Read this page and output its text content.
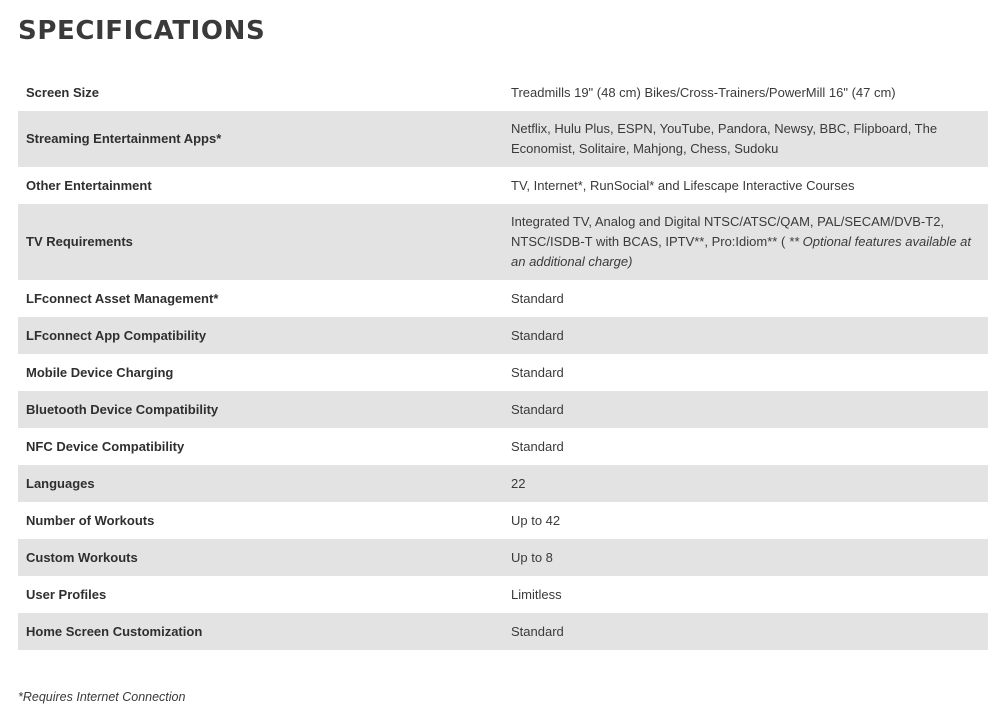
SPECIFICATIONS
Screen Size	Treadmills 19" (48 cm) Bikes/Cross-Trainers/PowerMill 16" (47 cm)
Streaming Entertainment Apps*	Netflix, Hulu Plus, ESPN, YouTube, Pandora, Newsy, BBC, Flipboard, The Economist, Solitaire, Mahjong, Chess, Sudoku
Other Entertainment	TV, Internet*, RunSocial* and Lifescape Interactive Courses
TV Requirements	Integrated TV, Analog and Digital NTSC/ATSC/QAM, PAL/SECAM/DVB-T2, NTSC/ISDB-T with BCAS, IPTV**, Pro:Idiom** ( ** Optional features available at an additional charge)
LFconnect Asset Management*	Standard
LFconnect App Compatibility	Standard
Mobile Device Charging	Standard
Bluetooth Device Compatibility	Standard
NFC Device Compatibility	Standard
Languages	22
Number of Workouts	Up to 42
Custom Workouts	Up to 8
User Profiles	Limitless
Home Screen Customization	Standard
*Requires Internet Connection
